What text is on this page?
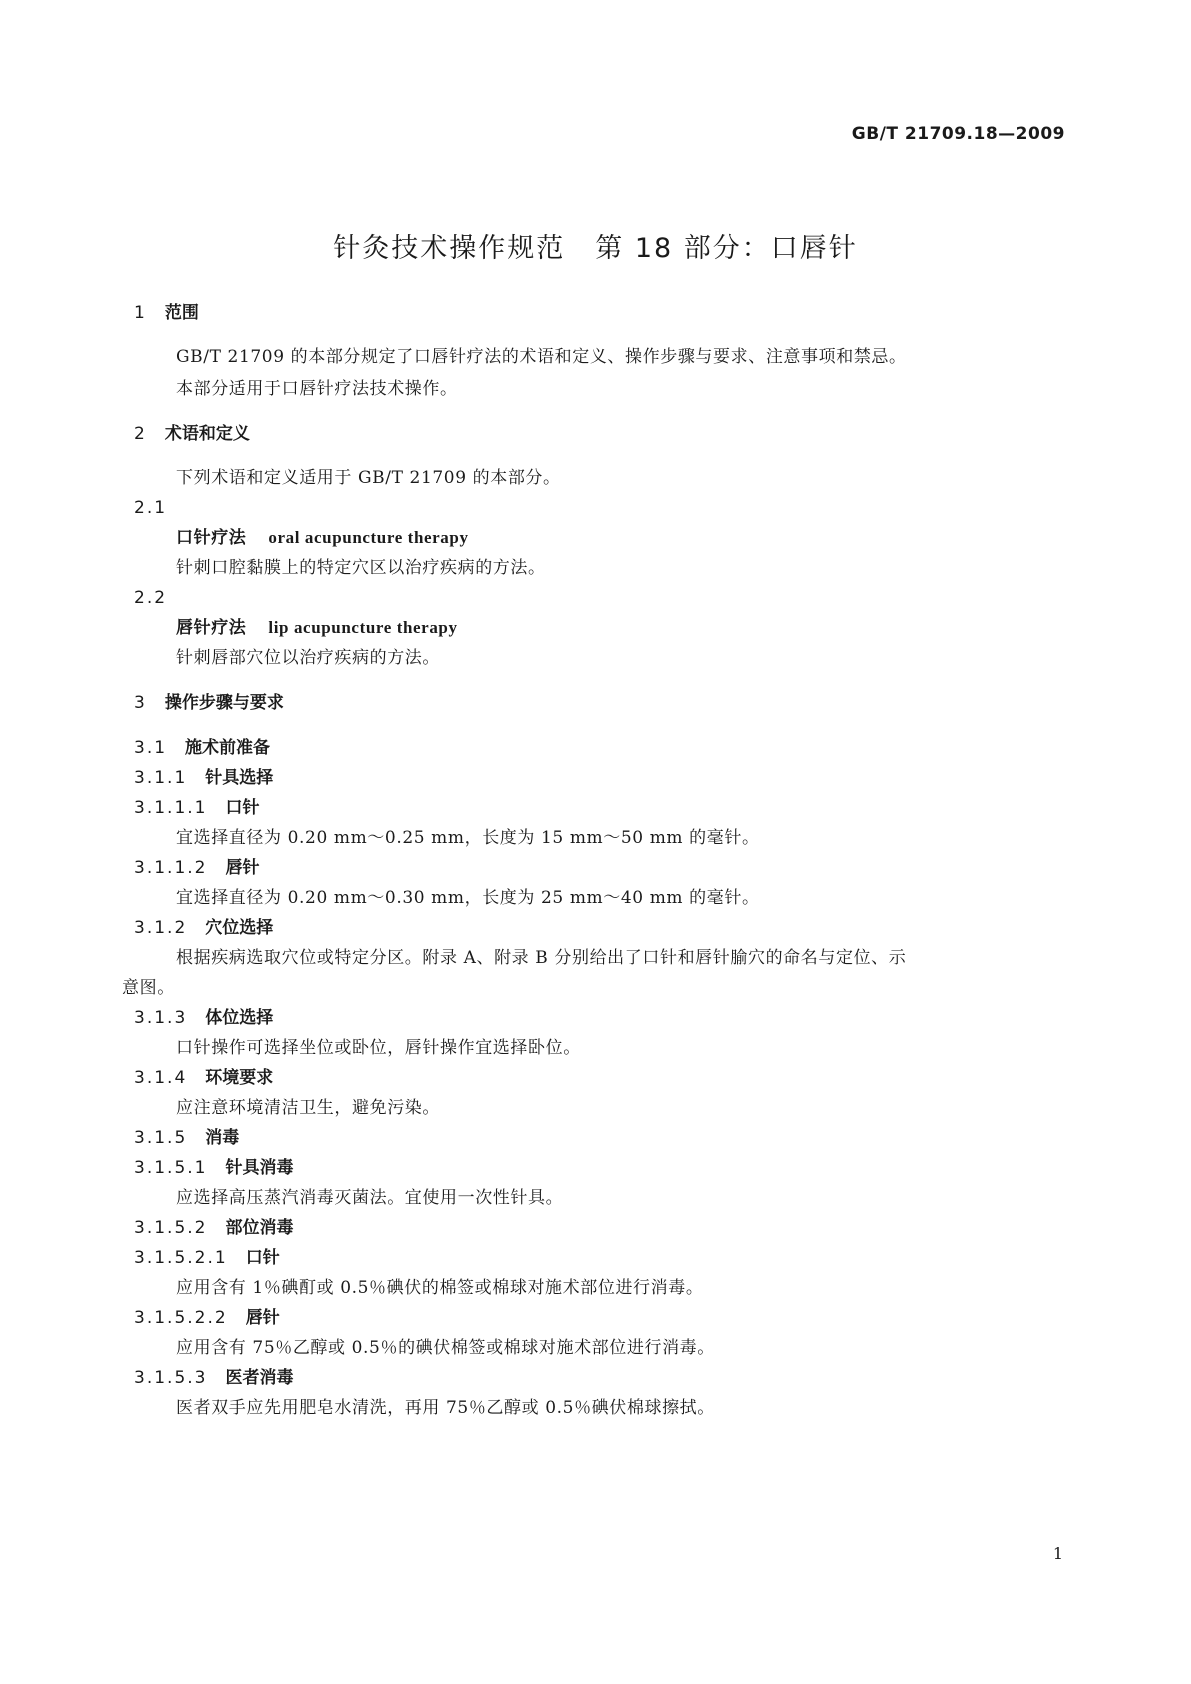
GB/T 21709.18—2009
针灸技术操作规范 第 18 部分：口唇针
1 范围
GB/T 21709 的本部分规定了口唇针疗法的术语和定义、操作步骤与要求、注意事项和禁忌。
本部分适用于口唇针疗法技术操作。
2 术语和定义
下列术语和定义适用于 GB/T 21709 的本部分。
2.1
口针疗法 oral acupuncture therapy
针刺口腔黏膜上的特定穴区以治疗疾病的方法。
2.2
唇针疗法 lip acupuncture therapy
针刺唇部穴位以治疗疾病的方法。
3 操作步骤与要求
3.1 施术前准备
3.1.1 针具选择
3.1.1.1 口针
宜选择直径为 0.20 mm～0.25 mm，长度为 15 mm～50 mm 的毫针。
3.1.1.2 唇针
宜选择直径为 0.20 mm～0.30 mm，长度为 25 mm～40 mm 的毫针。
3.1.2 穴位选择
根据疾病选取穴位或特定分区。附录 A、附录 B 分别给出了口针和唇针腧穴的命名与定位、示
意图。
3.1.3 体位选择
口针操作可选择坐位或卧位，唇针操作宜选择卧位。
3.1.4 环境要求
应注意环境清洁卫生，避免污染。
3.1.5 消毒
3.1.5.1 针具消毒
应选择高压蒸汽消毒灭菌法。宜使用一次性针具。
3.1.5.2 部位消毒
3.1.5.2.1 口针
应用含有 1％碘酊或 0.5％碘伏的棉签或棉球对施术部位进行消毒。
3.1.5.2.2 唇针
应用含有 75％乙醇或 0.5％的碘伏棉签或棉球对施术部位进行消毒。
3.1.5.3 医者消毒
医者双手应先用肥皂水清洗，再用 75％乙醇或 0.5％碘伏棉球擦拭。
1
